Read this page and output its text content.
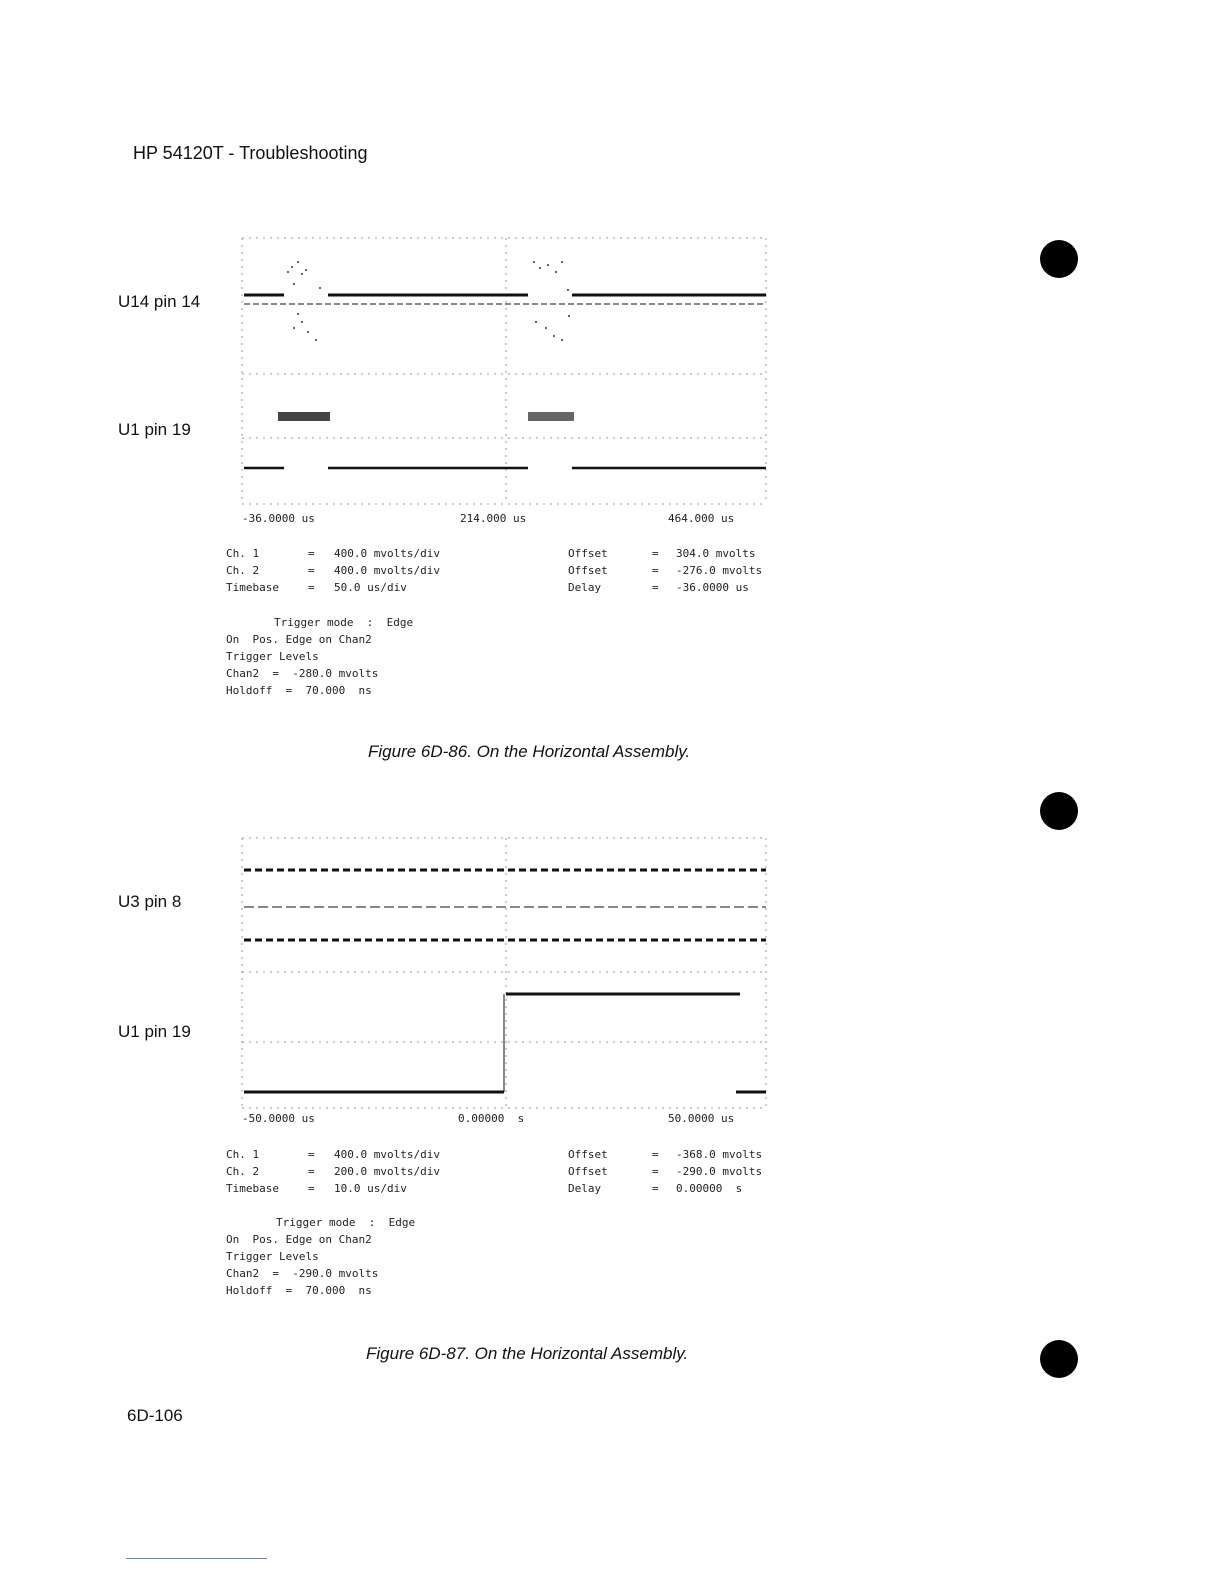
HP 54120T - Troubleshooting
U14 pin 14
U1 pin 19
-36.0000 us	214.000 us	464.000 us
Ch. 1	= 400.0 mvolts/div
Ch. 2	= 400.0 mvolts/div
Timebase	= 50.0 us/div
Offset	= 304.0 mvolts
Offset	= -276.0 mvolts
Delay	= -36.0000 us
Trigger mode  :  Edge
On  Pos. Edge on Chan2
Trigger Levels
Chan2  =  -280.0 mvolts
Holdoff  =  70.000  ns
Figure 6D-86. On the Horizontal Assembly.
U3 pin 8
U1 pin 19
-50.0000 us	0.00000  s	50.0000 us
Ch. 1	= 400.0 mvolts/div
Ch. 2	= 200.0 mvolts/div
Timebase	= 10.0 us/div
Offset	= -368.0 mvolts
Offset	= -290.0 mvolts
Delay	= 0.00000  s
Trigger mode  :  Edge
On  Pos. Edge on Chan2
Trigger Levels
Chan2  =  -290.0 mvolts
Holdoff  =  70.000  ns
Figure 6D-87. On the Horizontal Assembly.
6D-106
